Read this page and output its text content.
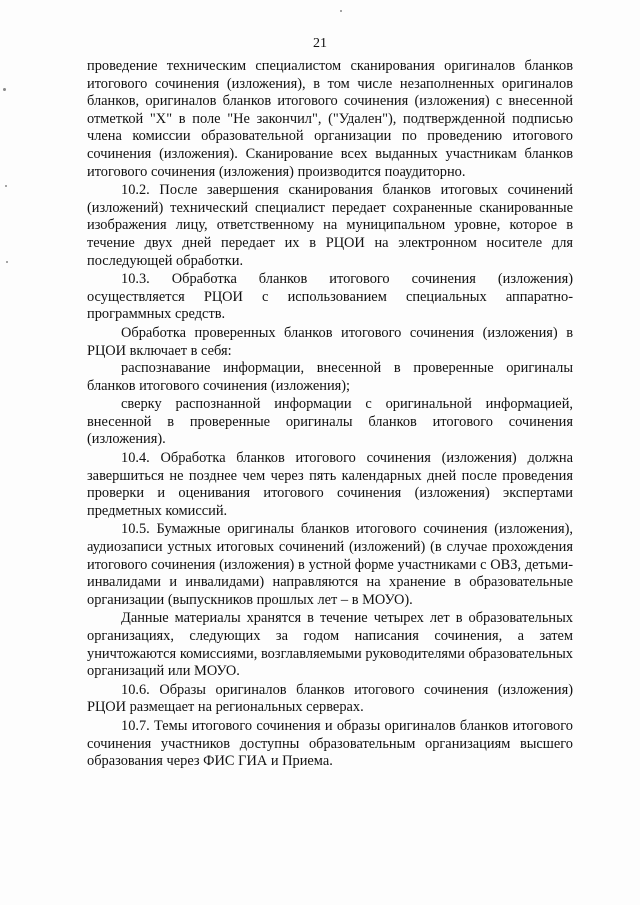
21

проведение техническим специалистом сканирования оригиналов бланков итогового сочинения (изложения), в том числе незаполненных оригиналов бланков, оригиналов бланков итогового сочинения (изложения) с внесенной отметкой "X" в поле "Не закончил", ("Удален"), подтвержденной подписью члена комиссии образовательной организации по проведению итогового сочинения (изложения). Сканирование всех выданных участникам бланков итогового сочинения (изложения) производится поаудиторно.

10.2. После завершения сканирования бланков итоговых сочинений (изложений) технический специалист передает сохраненные сканированные изображения лицу, ответственному на муниципальном уровне, которое в течение двух дней передает их в РЦОИ на электронном носителе для последующей обработки.

10.3. Обработка бланков итогового сочинения (изложения) осуществляется РЦОИ с использованием специальных аппаратно-программных средств.

Обработка проверенных бланков итогового сочинения (изложения) в РЦОИ включает в себя:

распознавание информации, внесенной в проверенные оригиналы бланков итогового сочинения (изложения);

сверку распознанной информации с оригинальной информацией, внесенной в проверенные оригиналы бланков итогового сочинения (изложения).

10.4. Обработка бланков итогового сочинения (изложения) должна завершиться не позднее чем через пять календарных дней после проведения проверки и оценивания итогового сочинения (изложения) экспертами предметных комиссий.

10.5. Бумажные оригиналы бланков итогового сочинения (изложения), аудиозаписи устных итоговых сочинений (изложений) (в случае прохождения итогового сочинения (изложения) в устной форме участниками с ОВЗ, детьми-инвалидами и инвалидами) направляются на хранение в образовательные организации (выпускников прошлых лет – в МОУО).

Данные материалы хранятся в течение четырех лет в образовательных организациях, следующих за годом написания сочинения, а затем уничтожаются комиссиями, возглавляемыми руководителями образовательных организаций или МОУО.

10.6. Образы оригиналов бланков итогового сочинения (изложения) РЦОИ размещает на региональных серверах.

10.7. Темы итогового сочинения и образы оригиналов бланков итогового сочинения участников доступны образовательным организациям высшего образования через ФИС ГИА и Приема.
